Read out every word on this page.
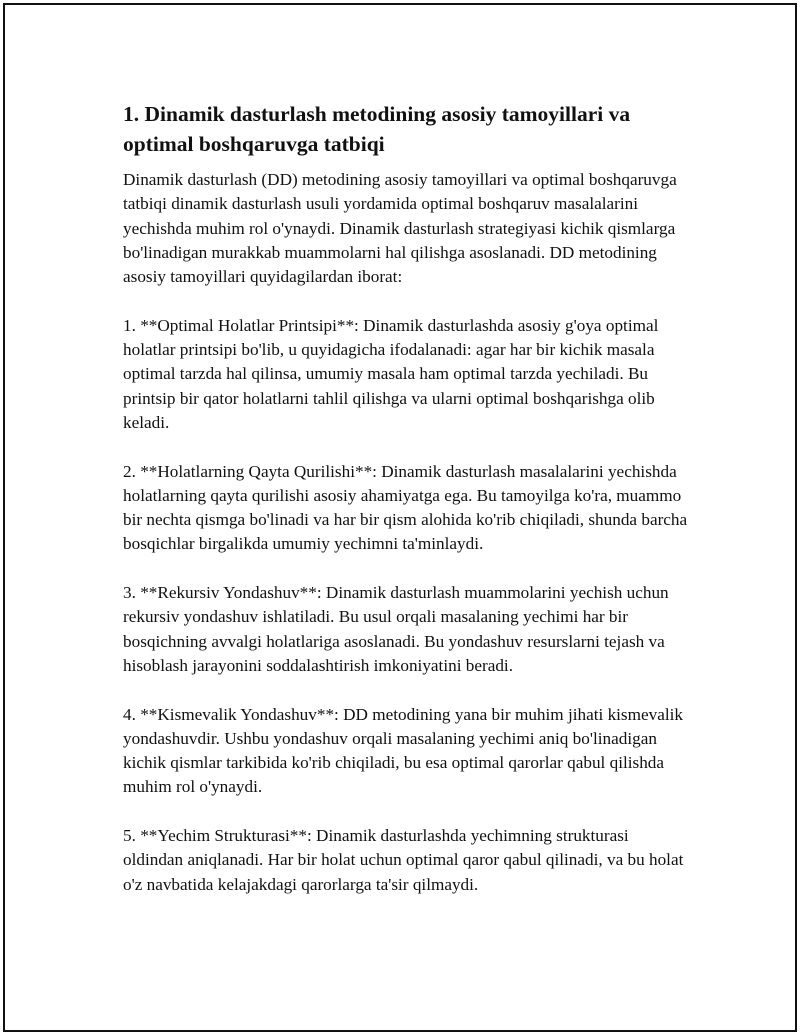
1. Dinamik dasturlash metodining asosiy tamoyillari va optimal boshqaruvga tatbiqi

Dinamik dasturlash (DD) metodining asosiy tamoyillari va optimal boshqaruvga tatbiqi dinamik dasturlash usuli yordamida optimal boshqaruv masalalarini yechishda muhim rol o'ynaydi. Dinamik dasturlash strategiyasi kichik qismlarga bo'linadigan murakkab muammolarni hal qilishga asoslanadi. DD metodining asosiy tamoyillari quyidagilardan iborat:

1. **Optimal Holatlar Printsipi**: Dinamik dasturlashda asosiy g'oya optimal holatlar printsipi bo'lib, u quyidagicha ifodalanadi: agar har bir kichik masala optimal tarzda hal qilinsa, umumiy masala ham optimal tarzda yechiladi. Bu printsip bir qator holatlarni tahlil qilishga va ularni optimal boshqarishga olib keladi.

2. **Holatlarning Qayta Qurilishi**: Dinamik dasturlash masalalarini yechishda holatlarning qayta qurilishi asosiy ahamiyatga ega. Bu tamoyilga ko'ra, muammo bir nechta qismga bo'linadi va har bir qism alohida ko'rib chiqiladi, shunda barcha bosqichlar birgalikda umumiy yechimni ta'minlaydi.

3. **Rekursiv Yondashuv**: Dinamik dasturlash muammolarini yechish uchun rekursiv yondashuv ishlatiladi. Bu usul orqali masalaning yechimi har bir bosqichning avvalgi holatlariga asoslanadi. Bu yondashuv resurslarni tejash va hisoblash jarayonini soddalashtirish imkoniyatini beradi.

4. **Kismevalik Yondashuv**: DD metodining yana bir muhim jihati kismevalik yondashuvdir. Ushbu yondashuv orqali masalaning yechimi aniq bo'linadigan kichik qismlar tarkibida ko'rib chiqiladi, bu esa optimal qarorlar qabul qilishda muhim rol o'ynaydi.

5. **Yechim Strukturasi**: Dinamik dasturlashda yechimning strukturasi oldindan aniqlanadi. Har bir holat uchun optimal qaror qabul qilinadi, va bu holat o'z navbatida kelajakdagi qarorlarga ta'sir qilmaydi.
